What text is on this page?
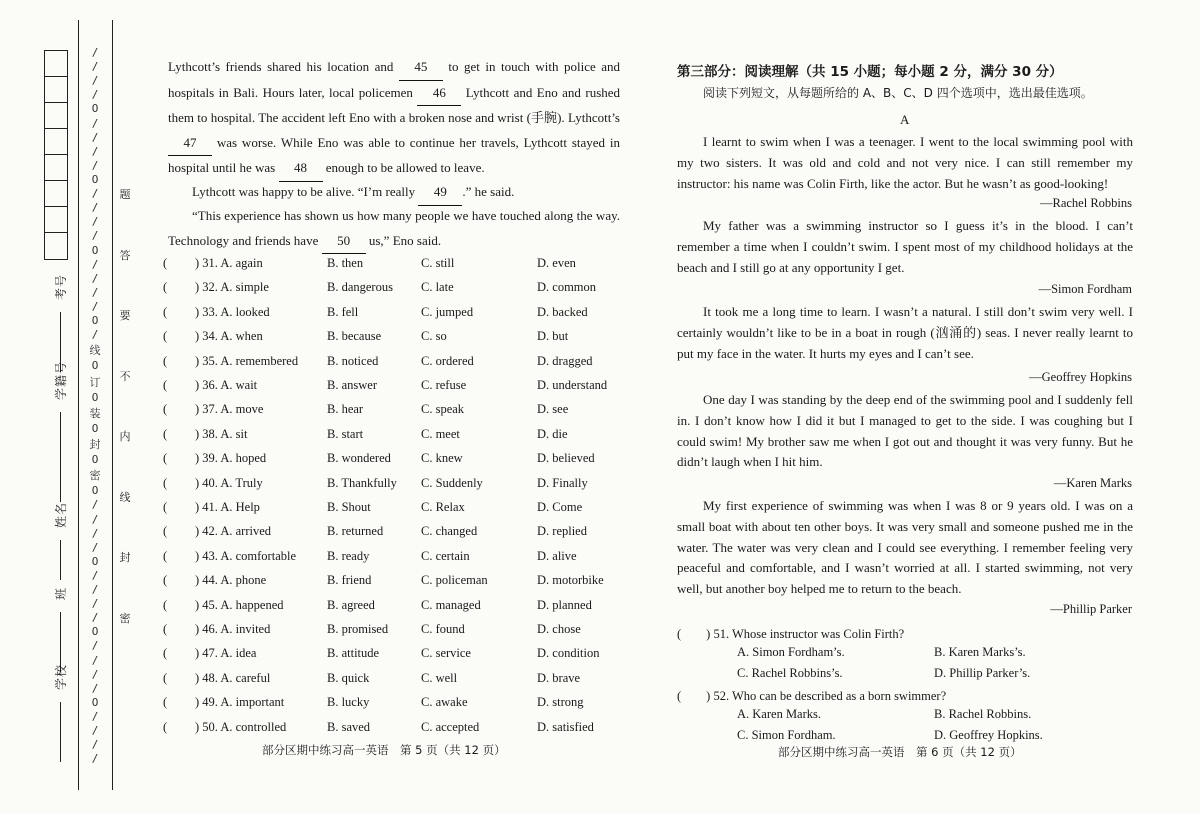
考号
学籍号
姓名
班
学校
/
/
/
/
O
/
/
/
/
O
/
/
/
/
O
/
/
/
/
O
/
线
O
订
O
装
O
封
O
密
O
/
/
/
/
O
/
/
/
/
O
/
/
/
/
O
/
/
/
/
题
答
要
不
内
线
封
密
Lythcott’s friends shared his location and 45 to get in touch with police and hospitals in Bali. Hours later, local policemen 46 Lythcott and Eno and rushed them to hospital. The accident left Eno with a broken nose and wrist (手腕). Lythcott’s 47 was worse. While Eno was able to continue her travels, Lythcott stayed in hospital until he was 48 enough to be allowed to leave.
Lythcott was happy to be alive. “I’m really 49 .” he said.
“This experience has shown us how many people we have touched along the way. Technology and friends have 50 us,” Eno said.
(	) 31. A. again	B. then	C. still	D. even
(	) 32. A. simple	B. dangerous	C. late	D. common
(	) 33. A. looked	B. fell	C. jumped	D. backed
(	) 34. A. when	B. because	C. so	D. but
(	) 35. A. remembered	B. noticed	C. ordered	D. dragged
(	) 36. A. wait	B. answer	C. refuse	D. understand
(	) 37. A. move	B. hear	C. speak	D. see
(	) 38. A. sit	B. start	C. meet	D. die
(	) 39. A. hoped	B. wondered	C. knew	D. believed
(	) 40. A. Truly	B. Thankfully	C. Suddenly	D. Finally
(	) 41. A. Help	B. Shout	C. Relax	D. Come
(	) 42. A. arrived	B. returned	C. changed	D. replied
(	) 43. A. comfortable	B. ready	C. certain	D. alive
(	) 44. A. phone	B. friend	C. policeman	D. motorbike
(	) 45. A. happened	B. agreed	C. managed	D. planned
(	) 46. A. invited	B. promised	C. found	D. chose
(	) 47. A. idea	B. attitude	C. service	D. condition
(	) 48. A. careful	B. quick	C. well	D. brave
(	) 49. A. important	B. lucky	C. awake	D. strong
(	) 50. A. controlled	B. saved	C. accepted	D. satisfied
部分区期中练习高一英语　第 5 页（共 12 页）
第三部分：阅读理解（共 15 小题；每小题 2 分，满分 30 分）
阅读下列短文，从每题所给的 A、B、C、D 四个选项中，选出最佳选项。
A
I learnt to swim when I was a teenager. I went to the local swimming pool with my two sisters. It was old and cold and not very nice. I can still remember my instructor: his name was Colin Firth, like the actor. But he wasn’t as good-looking!
—Rachel Robbins
My father was a swimming instructor so I guess it’s in the blood. I can’t remember a time when I couldn’t swim. I spent most of my childhood holidays at the beach and I still go at any opportunity I get.
—Simon Fordham
It took me a long time to learn. I wasn’t a natural. I still don’t swim very well. I certainly wouldn’t like to be in a boat in rough (汹涌的) seas. I never really learnt to put my face in the water. It hurts my eyes and I can’t see.
—Geoffrey Hopkins
One day I was standing by the deep end of the swimming pool and I suddenly fell in. I don’t know how I did it but I managed to get to the side. I was coughing but I could swim! My brother saw me when I got out and thought it was very funny. But he didn’t laugh when I hit him.
—Karen Marks
My first experience of swimming was when I was 8 or 9 years old. I was on a small boat with about ten other boys. It was very small and someone pushed me in the water. The water was very clean and I could see everything. I remember feeling very peaceful and comfortable, and I wasn’t worried at all. I started swimming, not very well, but another boy helped me to return to the beach.
—Phillip Parker
(　　) 51. Whose instructor was Colin Firth?
A. Simon Fordham’s.	B. Karen Marks’s.
C. Rachel Robbins’s.	D. Phillip Parker’s.
(　　) 52. Who can be described as a born swimmer?
A. Karen Marks.	B. Rachel Robbins.
C. Simon Fordham.	D. Geoffrey Hopkins.
部分区期中练习高一英语　第 6 页（共 12 页）
